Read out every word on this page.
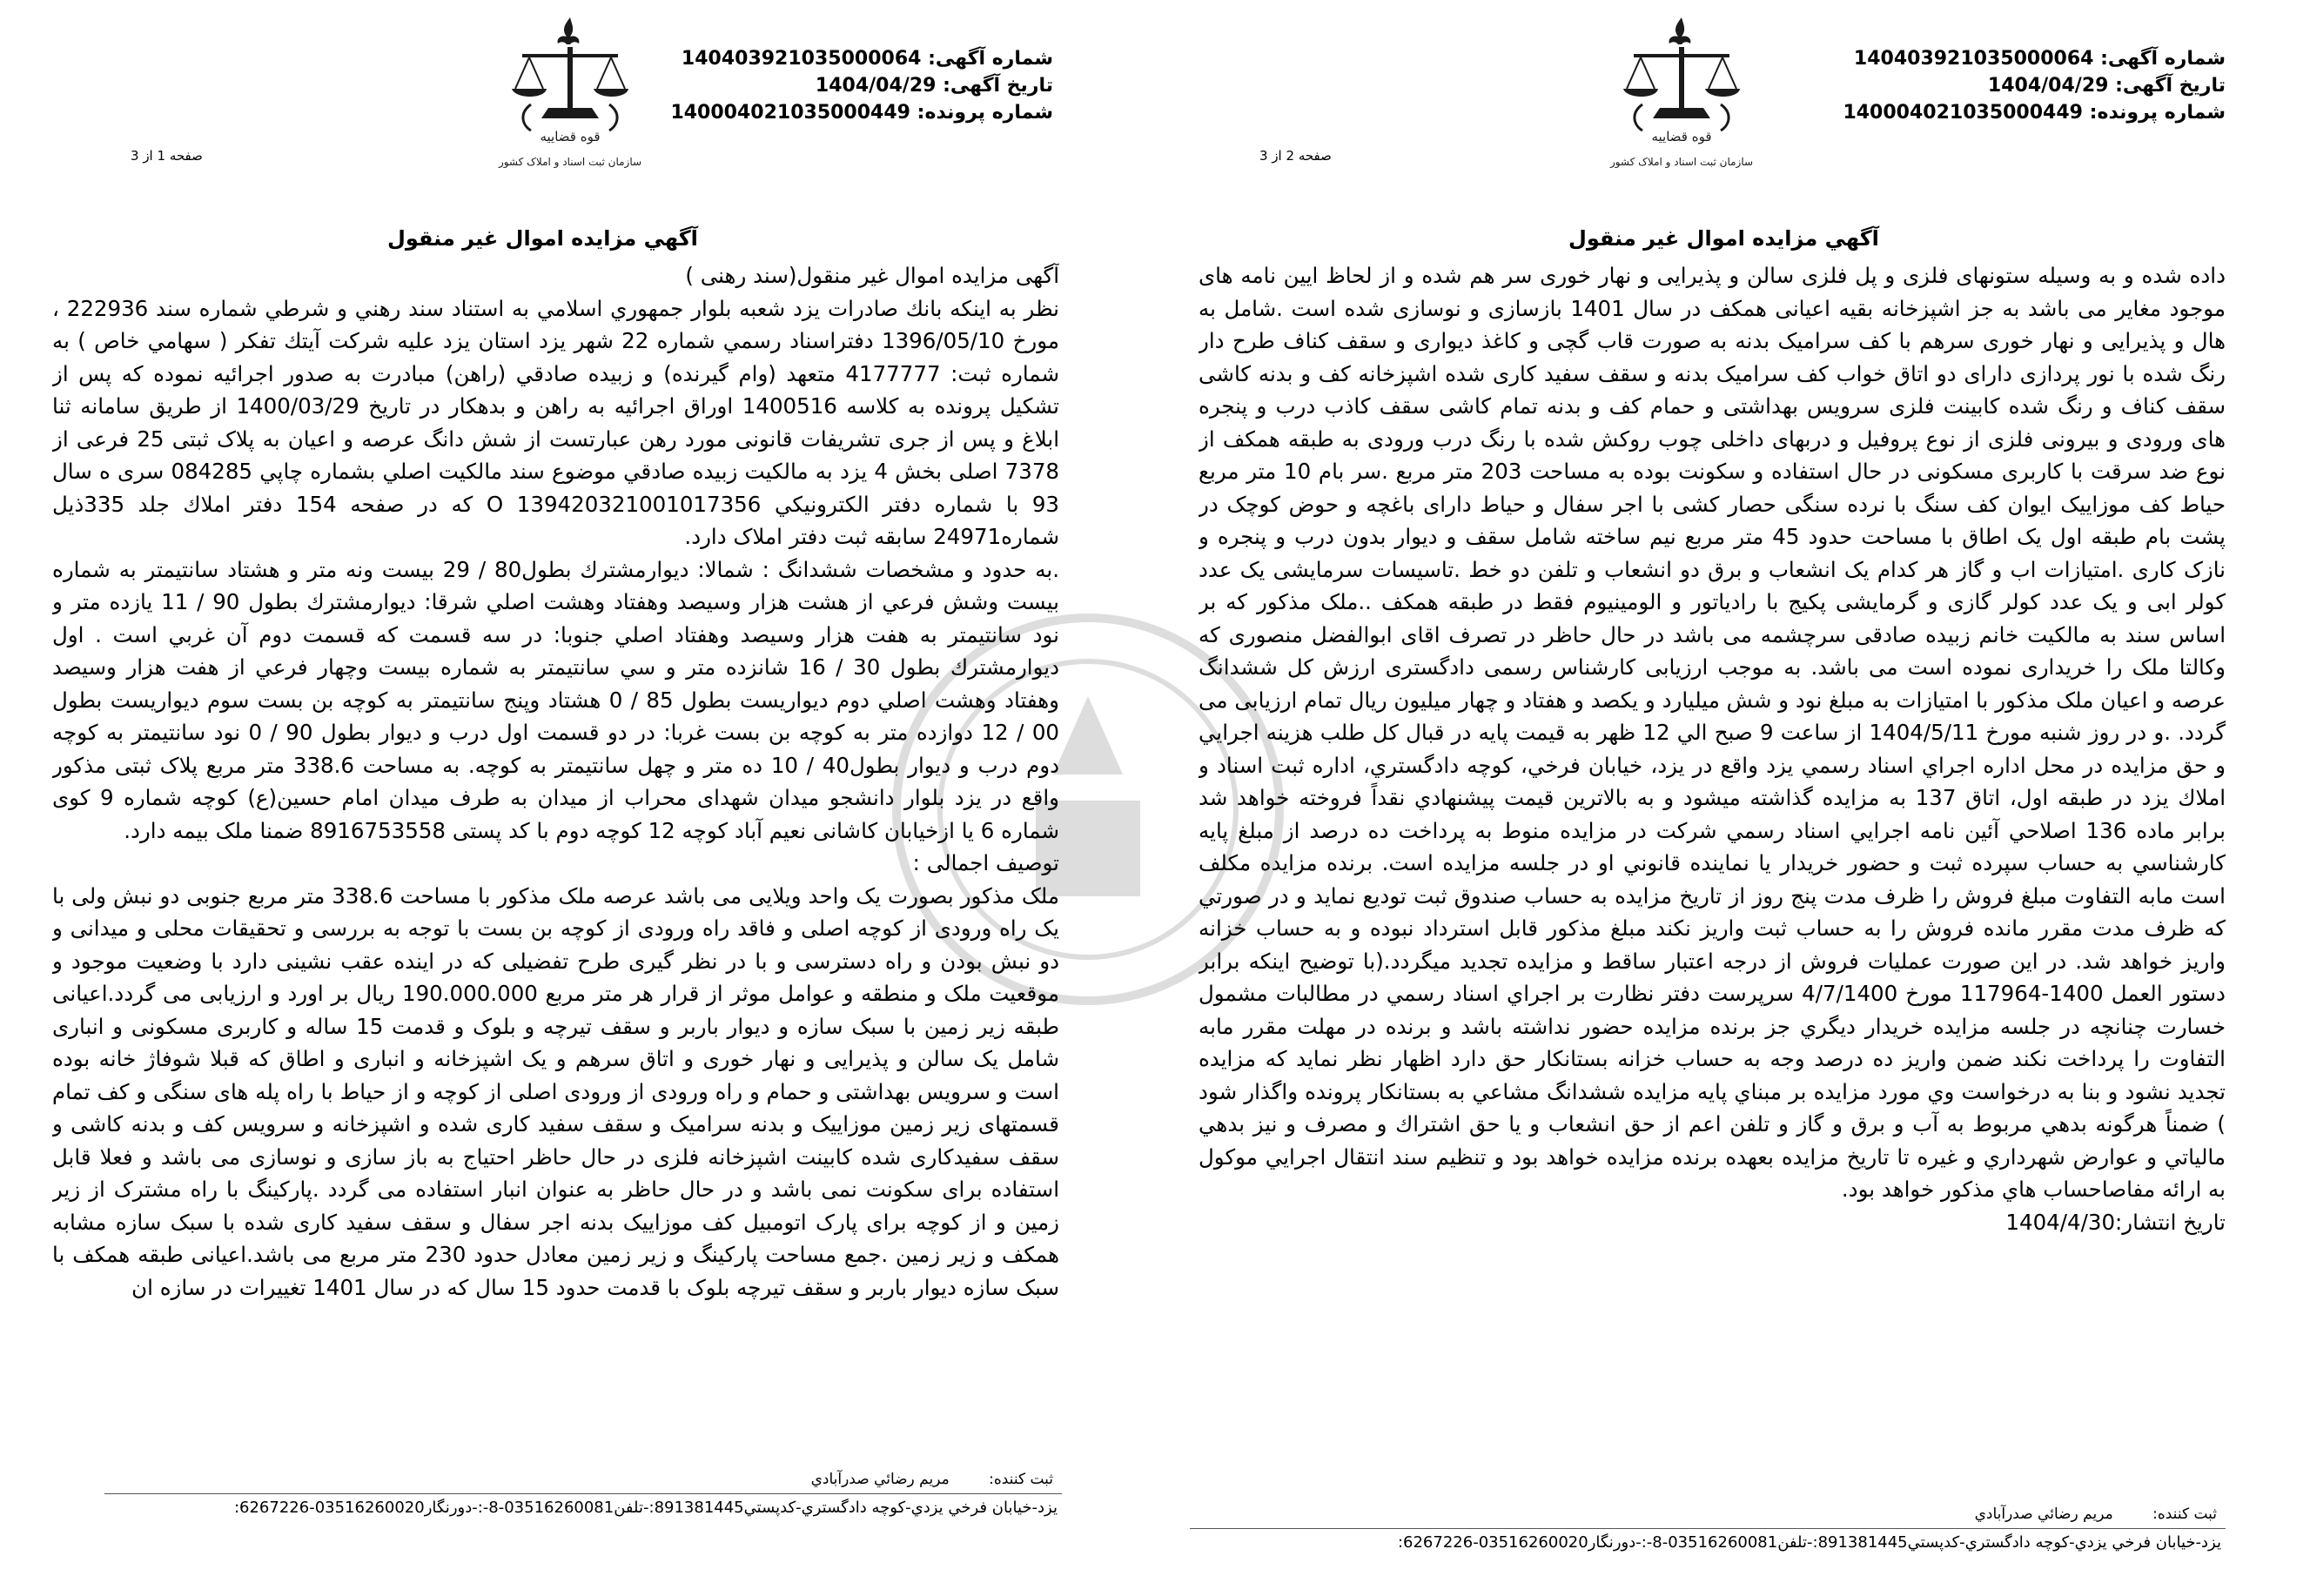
شماره آگهی: 140403921035000064
تاریخ آگهی: 1404/04/29
شماره پرونده: 140004021035000449
قوه قضاییه
سازمان ثبت اسناد و املاک کشور
صفحه 1 از 3
آگهي مزايده اموال غير منقول

آگهی مزایده اموال غیر منقول(سند رهنی )

نظر به اينكه بانك صادرات يزد شعبه بلوار جمهوري اسلامي به استناد سند رهني و شرطي شماره سند 222936 ، مورخ 1396/05/10 دفتراسناد رسمي شماره 22 شهر يزد استان يزد عليه شركت آيتك تفكر ( سهامي خاص ) به شماره ثبت: 4177777 متعهد (وام گيرنده) و زبيده صادقي (راهن) مبادرت به صدور اجرائيه نموده كه پس از تشكيل پرونده به كلاسه 1400516 اوراق اجرائيه به راهن و بدهكار در تاريخ 1400/03/29 از طريق سامانه ثنا ابلاغ و پس از جری تشریفات قانونی مورد رهن عبارتست از شش دانگ عرصه و اعيان به پلاک ثبتی 25 فرعی از 7378 اصلی بخش 4 يزد به مالكيت زبيده صادقي موضوع سند مالكيت اصلي بشماره چاپي 084285 سری ه سال 93 با شماره دفتر الكترونيكي O 13942032100101735‎6 كه در صفحه 154 دفتر املاك جلد 335ذيل شماره24971 سابقه ثبت دفتر املاک دارد.

.به حدود و مشخصات ششدانگ : شمالا: ديوارمشترك بطول80 / 29 بيست ونه متر و هشتاد سانتيمتر به شماره بيست وشش فرعي از هشت هزار وسيصد وهفتاد وهشت اصلي شرقا: ديوارمشترك بطول 90 / 11 يازده متر و نود سانتيمتر به هفت هزار وسيصد وهفتاد اصلي جنوبا: در سه قسمت كه قسمت دوم آن غربي است . اول ديوارمشترك بطول 30 / 16 شانزده متر و سي سانتيمتر به شماره بيست وچهار فرعي از هفت هزار وسيصد وهفتاد وهشت اصلي دوم ديواريست بطول 85 / 0 هشتاد وپنج سانتيمتر به كوچه بن بست سوم ديواريست بطول 00 / 12 دوازده متر به كوچه بن بست غربا: در دو قسمت اول درب و ديوار بطول 90 / 0 نود سانتيمتر به كوچه دوم درب و ديوار بطول40 / 10 ده متر و چهل سانتيمتر به كوچه. به مساحت 338.6 متر مربع پلاک ثبتی مذكور واقع در يزد بلوار دانشجو ميدان شهدای محراب از ميدان به طرف ميدان امام حسين(ع) كوچه شماره 9 كوی شماره 6 يا ازخيابان كاشانی نعيم آباد كوچه 12 كوچه دوم با كد پستی 8916753558 ضمنا ملک بیمه دارد.

توصيف اجمالی :

ملک مذكور بصورت يک واحد ويلايی می باشد عرصه ملک مذكور با مساحت 338.6 متر مربع جنوبی دو نبش ولی با يک راه ورودی از كوچه اصلی و فاقد راه ورودی از كوچه بن بست با توجه به بررسی و تحقيقات محلی و ميدانی و دو نبش بودن و راه دسترسی و با در نظر گيری طرح تفضيلی كه در اينده عقب نشينی دارد با وضعيت موجود و موقعيت ملک و منطقه و عوامل موثر از قرار هر متر مربع 190.000.000 ريال بر اورد و ارزيابی می گردد.اعيانی طبقه زير زمين با سبک سازه و ديوار باربر و سقف تيرچه و بلوک و قدمت 15 ساله و كاربری مسكونی و انباری شامل يک سالن و پذيرايی و نهار خوری و اتاق سرهم و يک اشپزخانه و انباری و اطاق كه قبلا شوفاژ خانه بوده است و سرويس بهداشتی و حمام و راه ورودی از ورودی اصلی از كوچه و از حياط با راه پله های سنگی و كف تمام قسمتهای زير زمين موزاييک و بدنه سراميک و سقف سفيد كاری شده و اشپزخانه و سرويس كف و بدنه كاشی و سقف سفيدكاری شده كابينت اشپزخانه فلزی در حال حاظر احتياج به باز سازی و نوسازی می باشد و فعلا قابل استفاده برای سكونت نمی باشد و در حال حاظر به عنوان انبار استفاده می گردد .پاركينگ با راه مشترک از زير زمين و از كوچه برای پارک اتومبيل كف موزاييک بدنه اجر سفال و سقف سفيد كاری شده با سبک سازه مشابه همكف و زير زمين .جمع مساحت پاركينگ و زير زمين معادل حدود 230 متر مربع می باشد.اعيانی طبقه همكف با سبک سازه ديوار باربر و سقف تيرچه بلوک با قدمت حدود 15 سال كه در سال 1401 تغييرات در سازه ان

ثبت کننده: مريم رضائي صدرآبادي
يزد-خيابان فرخي يزدي-كوچه دادگستري-كدپستي891381445:-تلفن03516260081-8-:-دورنگار03516260020-6267226:
شماره آگهی: 140403921035000064
تاریخ آگهی: 1404/04/29
شماره پرونده: 140004021035000449
قوه قضاییه
سازمان ثبت اسناد و املاک کشور
صفحه 2 از 3
آگهي مزايده اموال غير منقول

داده شده و به وسيله ستونهای فلزی و پل فلزی سالن و پذيرايی و نهار خوری سر هم شده و از لحاظ ايين نامه های موجود مغاير می باشد به جز اشپزخانه بقيه اعيانی همكف در سال 1401 بازسازی و نوسازی شده است .شامل به هال و پذيرايی و نهار خوری سرهم با كف سراميک بدنه به صورت قاب گچی و كاغذ ديواری و سقف كناف طرح دار رنگ شده با نور پردازی دارای دو اتاق خواب كف سراميک بدنه و سقف سفيد كاری شده اشپزخانه كف و بدنه كاشی سقف كناف و رنگ شده كابينت فلزی سرويس بهداشتی و حمام كف و بدنه تمام كاشی سقف كاذب درب و پنجره های ورودی و بيرونی فلزی از نوع پروفيل و دربهای داخلی چوب روكش شده با رنگ درب ورودی به طبقه همكف از نوع ضد سرقت با كاربری مسكونی در حال استفاده و سكونت بوده به مساحت 203 متر مربع .سر بام 10 متر مربع حياط كف موزاييک ايوان كف سنگ با نرده سنگی حصار كشی با اجر سفال و حياط دارای باغچه و حوض كوچک در پشت بام طبقه اول يک اطاق با مساحت حدود 45 متر مربع نيم ساخته شامل سقف و ديوار بدون درب و پنجره و نازک كاری .امتيازات اب و گاز هر كدام يک انشعاب و برق دو انشعاب و تلفن دو خط .تاسيسات سرمايشی يک عدد كولر ابی و يک عدد كولر گازی و گرمايشی پكيج با رادياتور و الومينيوم فقط در طبقه همكف ..ملک مذكور كه بر اساس سند به مالكيت خانم زبيده صادقی سرچشمه می باشد در حال حاظر در تصرف اقای ابوالفضل منصوری كه وكالتا ملک را خريداری نموده است می باشد. به موجب ارزيابی كارشناس رسمی دادگستری ارزش كل ششدانگ عرصه و اعيان ملک مذكور با امتيازات به مبلغ نود و شش ميليارد و يكصد و هفتاد و چهار ميليون ريال تمام ارزيابی می گردد. .و در روز شنبه مورخ 1404/5/11 از ساعت 9 صبح الي 12 ظهر به قيمت پايه در قبال كل طلب هزينه اجرايي و حق مزايده در محل اداره اجراي اسناد رسمي يزد واقع در يزد، خيابان فرخي، كوچه دادگستري، اداره ثبت اسناد و املاك يزد در طبقه اول، اتاق 137 به مزايده گذاشته ميشود و به بالاترين قيمت پيشنهادي نقداً فروخته خواهد شد برابر ماده 136 اصلاحي آئين نامه اجرايي اسناد رسمي شركت در مزايده منوط به پرداخت ده درصد از مبلغ پايه كارشناسي به حساب سپرده ثبت و حضور خريدار يا نماينده قانوني او در جلسه مزايده است. برنده مزايده مكلف است مابه التفاوت مبلغ فروش را ظرف مدت پنج روز از تاريخ مزايده به حساب صندوق ثبت توديع نمايد و در صورتي كه ظرف مدت مقرر مانده فروش را به حساب ثبت واريز نكند مبلغ مذكور قابل استرداد نبوده و به حساب خزانه واريز خواهد شد. در اين صورت عمليات فروش از درجه اعتبار ساقط و مزايده تجديد ميگردد.(با توضيح اينكه برابر دستور العمل 1400-117964 مورخ 4/7/1400 سرپرست دفتر نظارت بر اجراي اسناد رسمي در مطالبات مشمول خسارت چنانچه در جلسه مزايده خريدار ديگري جز برنده مزايده حضور نداشته باشد و برنده در مهلت مقرر مابه التفاوت را پرداخت نكند ضمن واريز ده درصد وجه به حساب خزانه بستانكار حق دارد اظهار نظر نمايد كه مزايده تجديد نشود و بنا به درخواست وي مورد مزايده بر مبناي پايه مزايده ششدانگ مشاعي به بستانكار پرونده واگذار شود ) ضمناً هرگونه بدهي مربوط به آب و برق و گاز و تلفن اعم از حق انشعاب و يا حق اشتراك و مصرف و نيز بدهي مالياتي و عوارض شهرداري و غيره تا تاريخ مزايده بعهده برنده مزايده خواهد بود و تنظيم سند انتقال اجرايي موكول به ارائه مفاصاحساب هاي مذكور خواهد بود.

تاريخ انتشار:1404/4/30

ثبت کننده: مريم رضائي صدرآبادي
يزد-خيابان فرخي يزدي-كوچه دادگستري-كدپستي891381445:-تلفن03516260081-8-:-دورنگار03516260020-6267226:
